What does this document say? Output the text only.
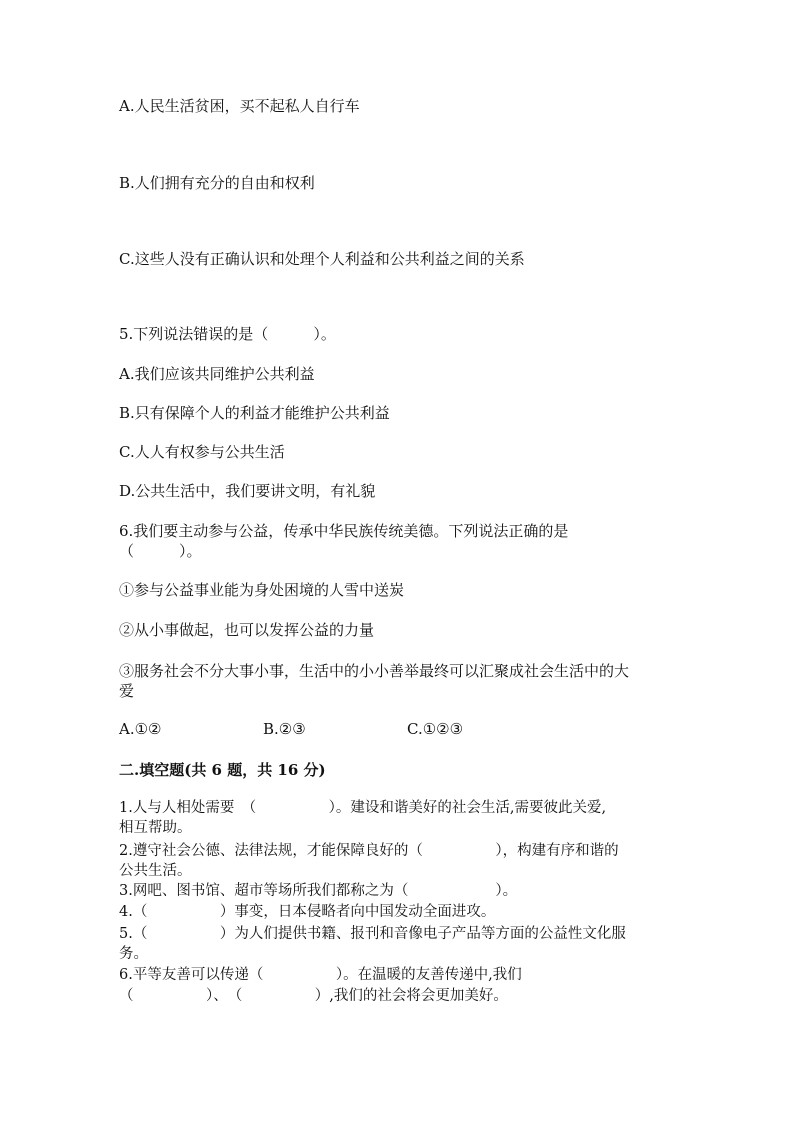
A.人民生活贫困，买不起私人自行车
B.人们拥有充分的自由和权利
C.这些人没有正确认识和处理个人利益和公共利益之间的关系
5.下列说法错误的是（　　　）。
A.我们应该共同维护公共利益
B.只有保障个人的利益才能维护公共利益
C.人人有权参与公共生活
D.公共生活中，我们要讲文明，有礼貌
6.我们要主动参与公益，传承中华民族传统美德。下列说法正确的是
（　　　）。
①参与公益事业能为身处困境的人雪中送炭
②从小事做起，也可以发挥公益的力量
③服务社会不分大事小事，生活中的小小善举最终可以汇聚成社会生活中的大
爱
A.①②	B.②③	C.①②③
二.填空题(共 6 题，共 16 分)
1.人与人相处需要　（　　　　　）。建设和谐美好的社会生活,需要彼此关爱,
相互帮助。
2.遵守社会公德、法律法规，才能保障良好的（　　　　　），构建有序和谐的
公共生活。
3.网吧、图书馆、超市等场所我们都称之为（　　　　　　）。
4.（　　　　　）事变，日本侵略者向中国发动全面进攻。
5.（　　　　　）为人们提供书籍、报刊和音像电子产品等方面的公益性文化服
务。
6.平等友善可以传递（　　　　　）。在温暖的友善传递中,我们
（　　　　　）、　（　　　　　）,我们的社会将会更加美好。
